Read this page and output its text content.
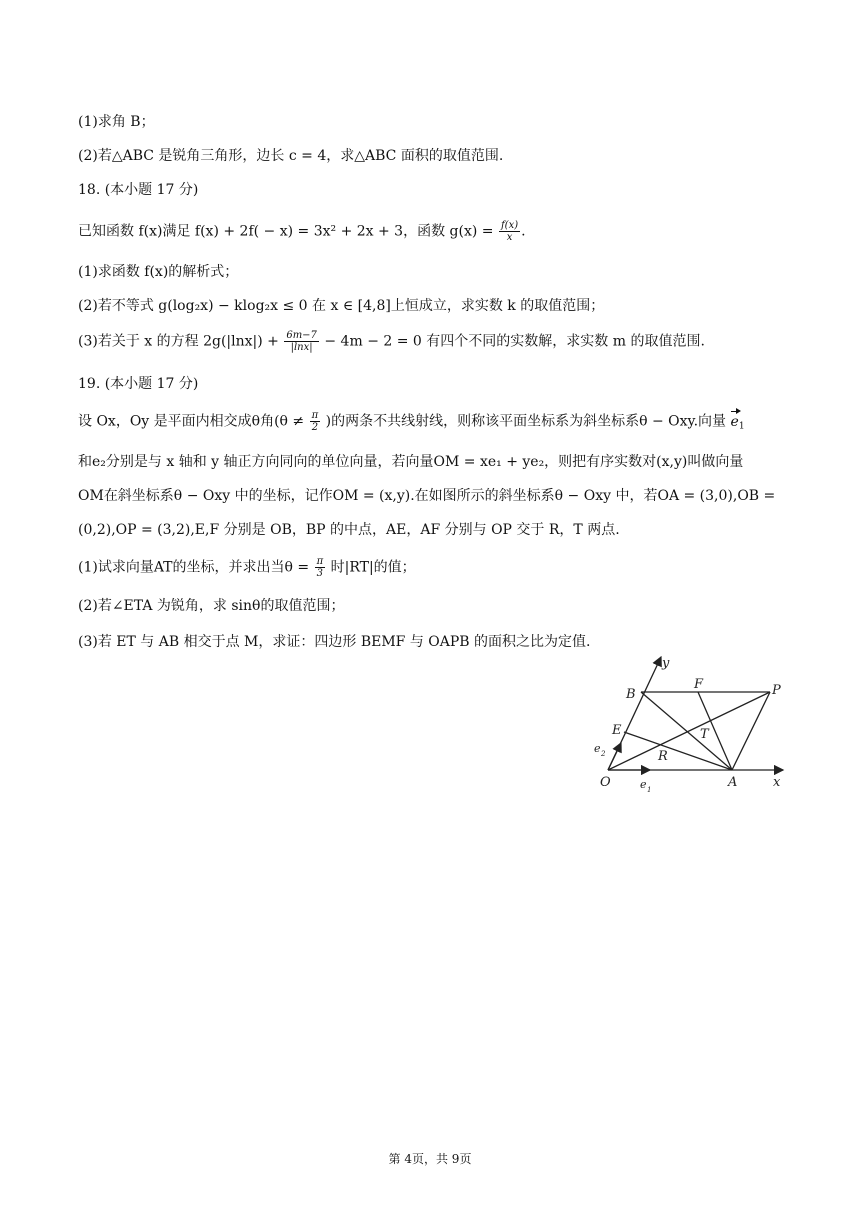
(1)求角 B；
(2)若△ABC 是锐角三角形，边长 c = 4，求△ABC 面积的取值范围.
18. (本小题 17 分)
已知函数 f(x)满足 f(x) + 2f( − x) = 3x² + 2x + 3，函数 $g(x) = \frac{f(x)}{x}$ .
(1)求函数 f(x)的解析式；
(2)若不等式 g(log₂x) − klog₂x ≤ 0 在 x ∈ [4,8]上恒成立，求实数 k 的取值范围；
(3)若关于 x 的方程 $2g(|\ln x|) + \frac{6m-7}{|\ln x|} - 4m - 2 = 0$ 有四个不同的实数解，求实数 m 的取值范围.
19. (本小题 17 分)
设 Ox，Oy 是平面内相交成θ角($\theta \ne \frac{\pi}{2}$ )的两条不共线射线，则称该平面坐标系为斜坐标系θ − Oxy.向量 $e_1$
和e₂分别是与 x 轴和 y 轴正方向同向的单位向量，若向量OM = xe₁ + ye₂，则把有序实数对(x,y)叫做向量
OM在斜坐标系θ − Oxy 中的坐标，记作OM = (x,y).在如图所示的斜坐标系θ − Oxy 中，若OA = (3,0),OB =
(0,2),OP = (3,2),E,F 分别是 OB，BP 的中点，AE，AF 分别与 OP 交于 R，T 两点.
(1)试求向量AT的坐标，并求出当$\theta = \frac{\pi}{3}$ 时|RT|的值；
(2)若∠ETA 为锐角，求 sinθ的取值范围；
(3)若 ET 与 AB 相交于点 M，求证：四边形 BEMF 与 OAPB 的面积之比为定值.
O	A	x
y
B
F	P
E
R
T
e 2
e 1
第 4页，共 9页
